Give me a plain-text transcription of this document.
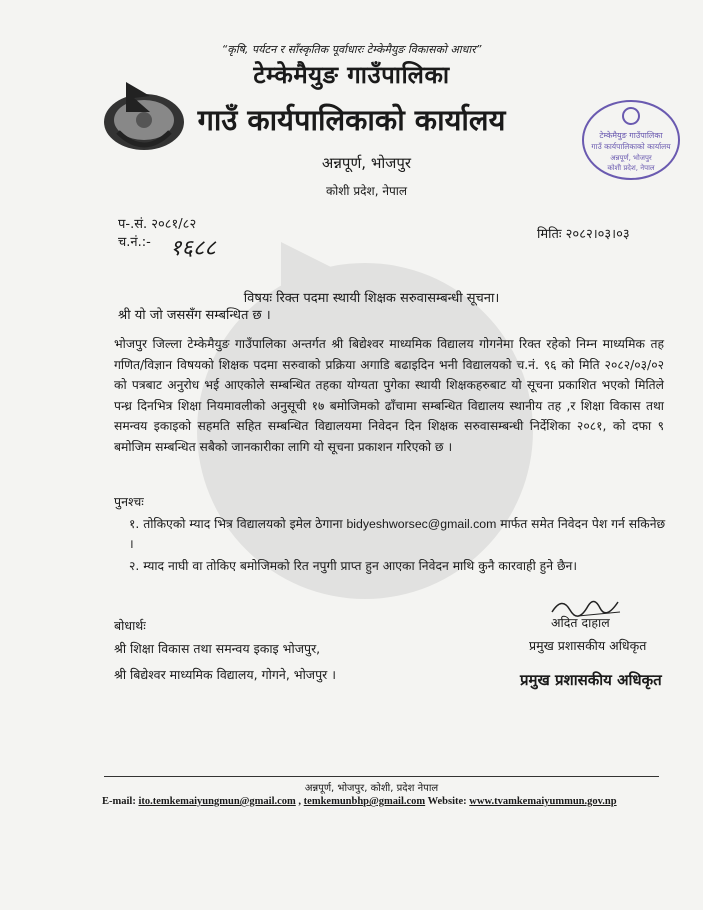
“कृषि, पर्यटन र साँस्कृतिक पूर्वाधारः टेम्केमैयुङ विकासको आधार”
टेम्केमैयुङ गाउँपालिका
गाउँ कार्यपालिकाको कार्यालय
अन्नपूर्ण, भोजपुर
कोशी प्रदेश, नेपाल
टेम्केमैयुङ गाउँपालिका
गाउँ कार्यपालिकाको कार्यालय
अन्नपूर्ण, भोजपुर
कोशी प्रदेश, नेपाल
प-.सं. २०८१/८२
च.नं.:- १६८८
मितिः २०८२।०३।०३
विषयः रिक्त पदमा स्थायी शिक्षक सरुवासम्बन्धी सूचना।
श्री यो जो जससँग सम्बन्धित छ ।
भोजपुर जिल्ला टेम्केमैयुङ गाउँपालिका अन्तर्गत श्री बिद्येश्वर माध्यमिक विद्यालय गोगनेमा रिक्त रहेको निम्न माध्यमिक तह गणित/विज्ञान विषयको शिक्षक पदमा सरुवाको प्रक्रिया अगाडि बढाइदिन भनी विद्यालयको च.नं. ९६ को मिति २०८२/०३/०२ को पत्रबाट अनुरोध भई आएकोले सम्बन्धित तहका योग्यता पुगेका स्थायी शिक्षकहरुबाट यो सूचना प्रकाशित भएको मितिले पन्ध्र दिनभित्र शिक्षा नियमावलीको अनुसूची १७ बमोजिमको ढाँचामा सम्बन्धित विद्यालय स्थानीय तह ,र शिक्षा विकास तथा समन्वय इकाइको सहमति सहित सम्बन्धित विद्यालयमा निवेदन दिन शिक्षक सरुवासम्बन्धी निर्देशिका २०८१, को दफा ९ बमोजिम सम्बन्धित सबैको जानकारीका लागि यो सूचना प्रकाशन गरिएको छ ।
पुनश्चः
१. तोकिएको म्याद भित्र विद्यालयको इमेल ठेगाना bidyeshworsec@gmail.com मार्फत समेत निवेदन पेश गर्न सकिनेछ ।
२. म्याद नाघी वा तोकिए बमोजिमको रित नपुगी प्राप्त हुन आएका निवेदन माथि कुनै कारवाही हुने छैन।
अदित दाहाल
प्रमुख प्रशासकीय अधिकृत
प्रमुख प्रशासकीय अधिकृत
बोधार्थः
श्री शिक्षा विकास तथा समन्वय इकाइ भोजपुर,
श्री बिद्येश्वर माध्यमिक विद्यालय, गोगने, भोजपुर ।
अन्नपूर्ण, भोजपुर, कोशी, प्रदेश नेपाल
E-mail: ito.temkemaiyungmun@gmail.com , temkemunbhp@gmail.com Website: www.tvamkemaiyummun.gov.np
